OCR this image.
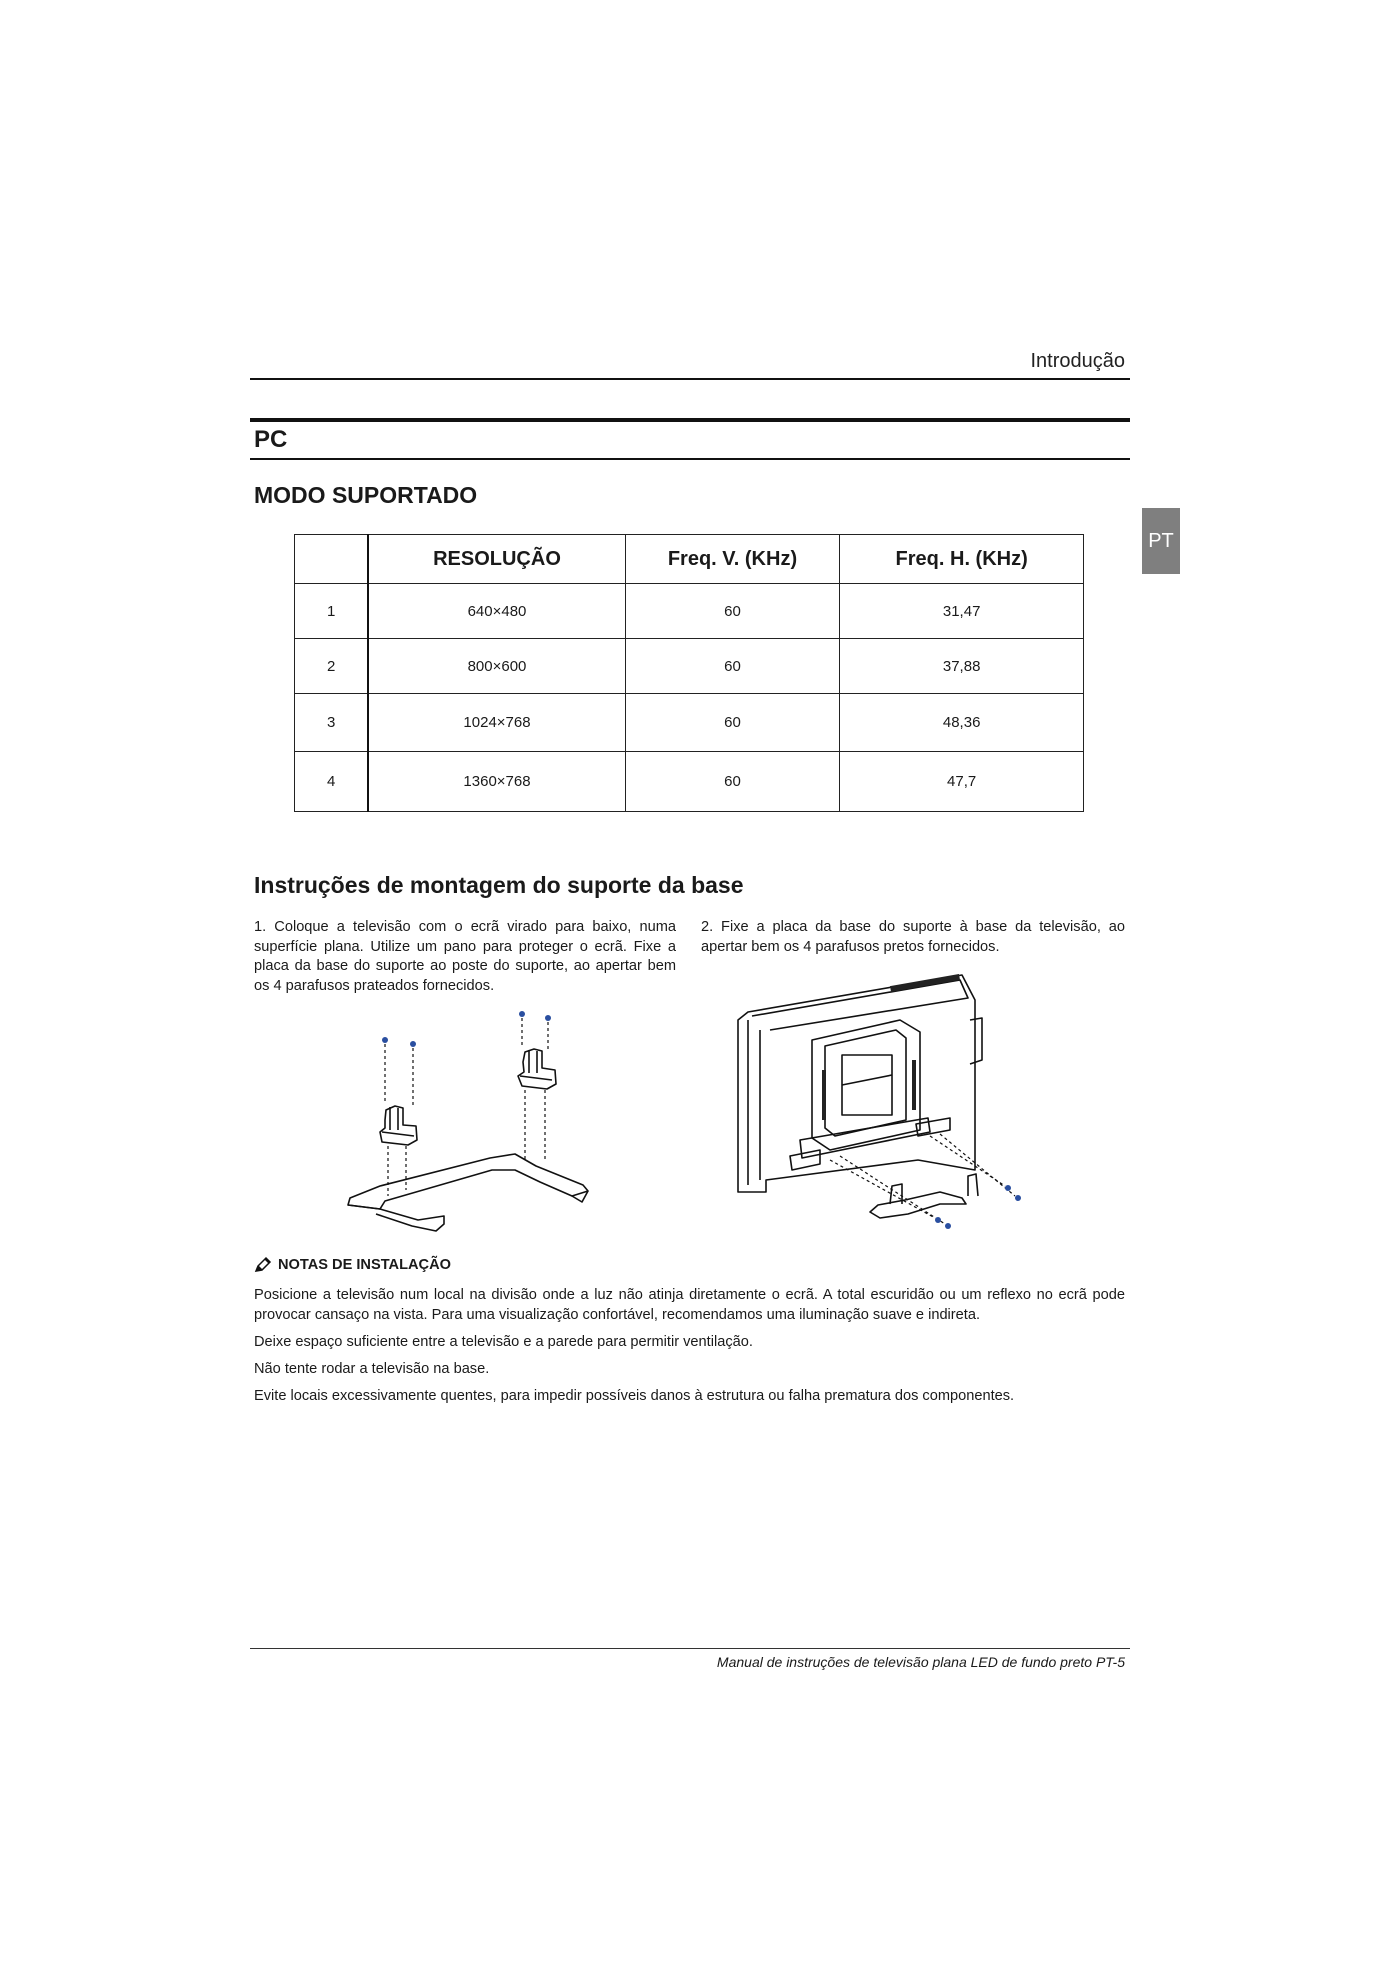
Introdução
PC
MODO SUPORTADO
PT
	RESOLUÇÃO	Freq. V. (KHz)	Freq. H. (KHz)
1	640×480	60	31,47
2	800×600	60	37,88
3	1024×768	60	48,36
4	1360×768	60	47,7
Instruções de montagem do suporte da base
1. Coloque a televisão com o ecrã virado para baixo, numa superfície plana. Utilize um pano para proteger o ecrã. Fixe a placa da base do suporte ao poste do suporte, ao apertar bem os 4 parafusos prateados fornecidos.
2. Fixe a placa da base do suporte à base da televisão, ao apertar bem os 4 parafusos pretos fornecidos.
NOTAS DE INSTALAÇÃO
Posicione a televisão num local na divisão onde a luz não atinja diretamente o ecrã. A total escuridão ou um reflexo no ecrã pode provocar cansaço na vista. Para uma visualização confortável, recomendamos uma iluminação suave e indireta.
Deixe espaço suficiente entre a televisão e a parede para permitir ventilação.
Não tente rodar a televisão na base.
Evite locais excessivamente quentes, para impedir possíveis danos à estrutura ou falha prematura dos componentes.
Manual de instruções de televisão plana LED de fundo preto PT-5
